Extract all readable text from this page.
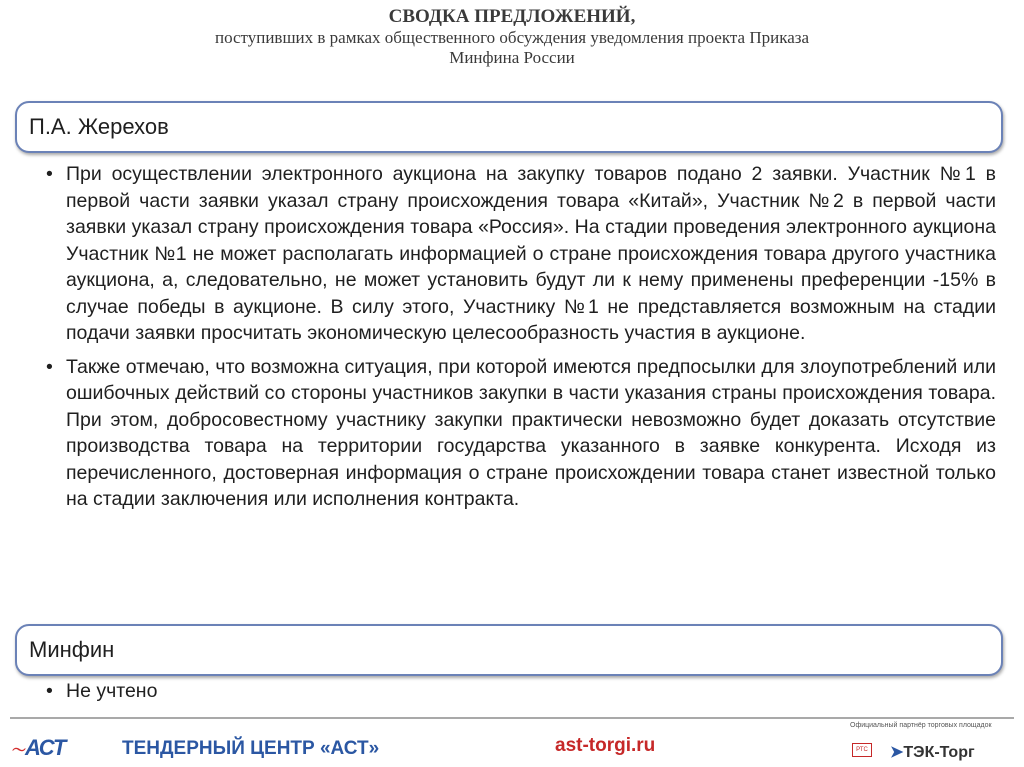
СВОДКА ПРЕДЛОЖЕНИЙ,
поступивших в рамках общественного обсуждения уведомления проекта Приказа
Минфина России
П.А. Жерехов
• При осуществлении электронного аукциона на закупку товаров подано 2 заявки. Участник №1 в первой части заявки указал страну происхождения товара «Китай», Участник №2 в первой части заявки указал страну происхождения товара «Россия». На стадии проведения электронного аукциона Участник №1 не может располагать информацией о стране происхождения товара другого участника аукциона, а, следовательно, не может установить будут ли к нему применены преференции -15% в случае победы в аукционе. В силу этого, Участнику №1 не представляется возможным на стадии подачи заявки просчитать экономическую целесообразность участия в аукционе.
• Также отмечаю, что возможна ситуация, при которой имеются предпосылки для злоупотреблений или ошибочных действий со стороны участников закупки в части указания страны происхождения товара. При этом, добросовестному участнику закупки практически невозможно будет доказать отсутствие производства товара на территории государства указанного в заявке конкурента. Исходя из перечисленного, достоверная информация о стране происхождении товара станет известной только на стадии заключения или исполнения контракта.
Минфин
• Не учтено
〜АСТ	ТЕНДЕРНЫЙ ЦЕНТР «АСТ»	ast-torgi.ru
Официальный партнёр торговых площадок
РТС ➤ТЭК-Торг
